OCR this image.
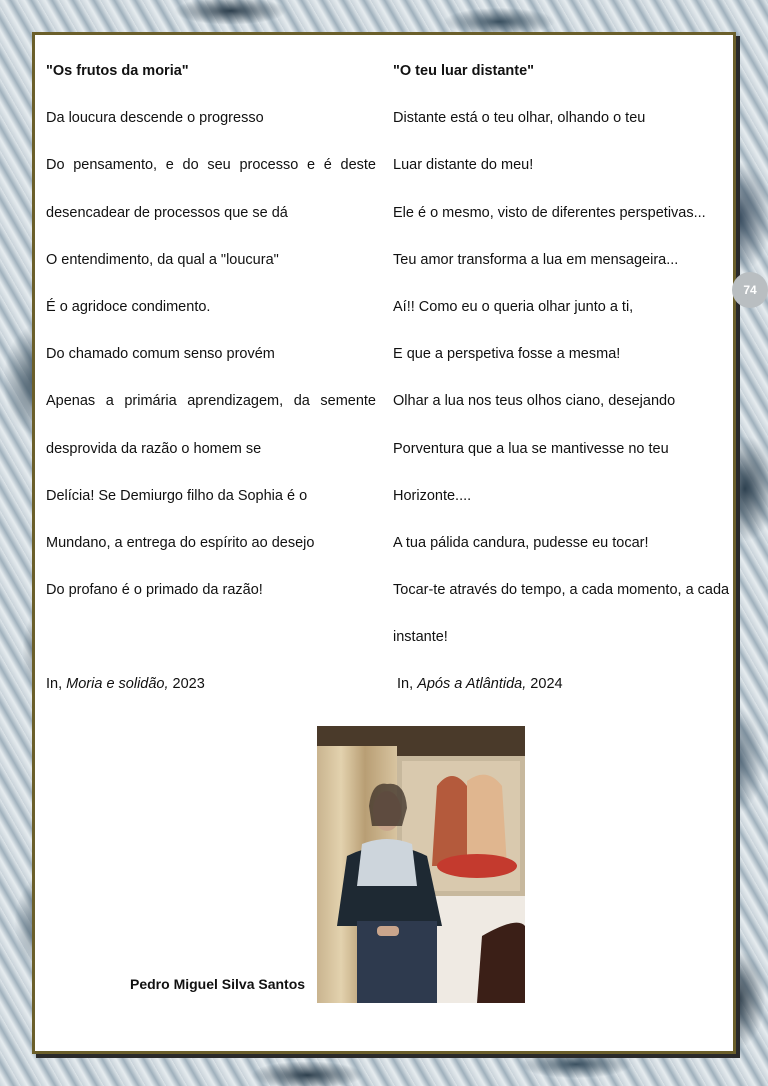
"Os frutos da moria"
Da loucura descende o progresso
Do pensamento, e do seu processo e é deste
desencadear de processos que se dá
O entendimento, da qual a "loucura"
É o agridoce condimento.
Do chamado comum senso provém
Apenas a primária aprendizagem, da semente
desprovida da razão o homem se
Delícia! Se Demiurgo filho da Sophia é o
Mundano, a entrega do espírito ao desejo
Do profano é o primado da razão!
In, Moria e solidão, 2023
"O teu luar distante"
Distante está o teu olhar, olhando o teu
Luar distante do meu!
Ele é o mesmo, visto de diferentes perspetivas...
Teu amor transforma a lua em mensageira...
Aí!! Como eu o queria olhar junto a ti,
E que a perspetiva fosse a mesma!
Olhar a lua nos teus olhos ciano, desejando
Porventura que a lua se mantivesse no teu
Horizonte....
A tua pálida candura, pudesse eu tocar!
Tocar-te através do tempo, a cada momento, a cada
instante!
In, Após a Atlântida, 2024
74
Pedro Miguel Silva Santos
